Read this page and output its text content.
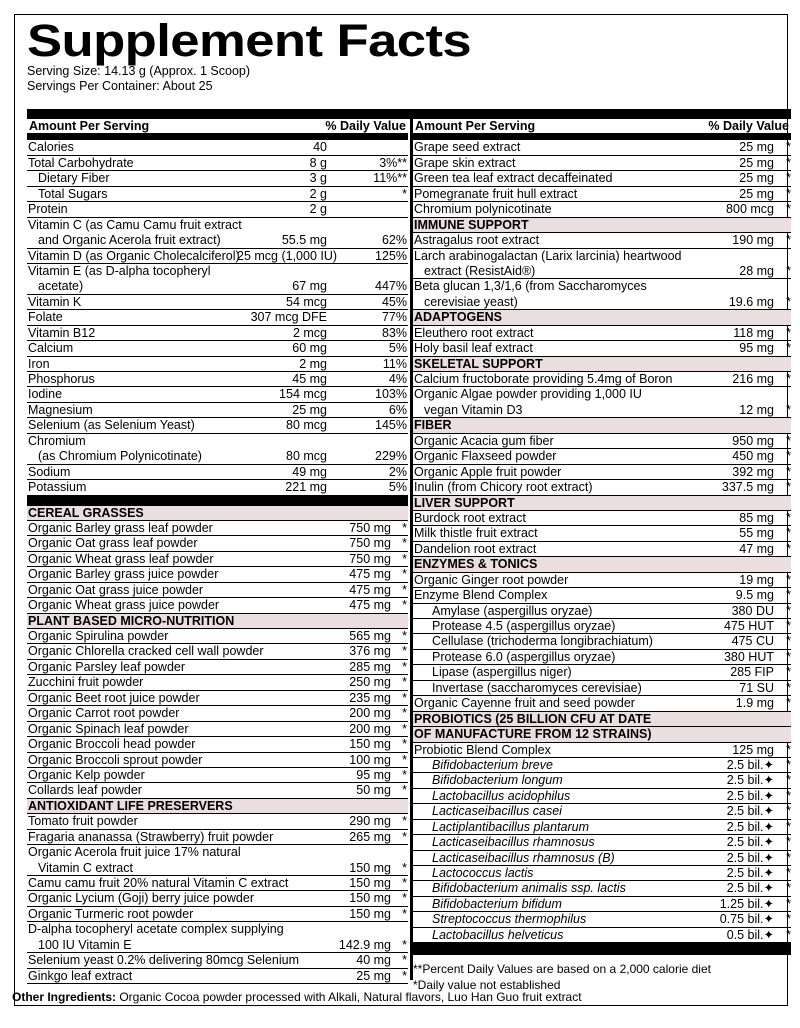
Supplement Facts
Serving Size: 14.13 g (Approx. 1 Scoop)
Servings Per Container: About 25
Amount Per Serving	% Daily Value
Calories	40
Total Carbohydrate	8 g	3%**
Dietary Fiber	3 g	11%**
Total Sugars	2 g	*
Protein	2 g
Vitamin C (as Camu Camu fruit extract
and Organic Acerola fruit extract)	55.5 mg	62%
Vitamin D (as Organic Cholecalciferol)
25 mcg (1,000 IU)	125%
Vitamin E (as D-alpha tocopheryl
acetate)	67 mg	447%
Vitamin K	54 mcg	45%
Folate	307 mcg DFE	77%
Vitamin B12	2 mcg	83%
Calcium	60 mg	5%
Iron	2 mg	11%
Phosphorus	45 mg	4%
Iodine	154 mcg	103%
Magnesium	25 mg	6%
Selenium (as Selenium Yeast)	80 mcg	145%
Chromium
(as Chromium Polynicotinate)	80 mcg	229%
Sodium	49 mg	2%
Potassium	221 mg	5%
CEREAL GRASSES
Organic Barley grass leaf powder	750 mg *
Organic Oat grass leaf powder	750 mg *
Organic Wheat grass leaf powder	750 mg *
Organic Barley grass juice powder	475 mg *
Organic Oat grass juice powder	475 mg *
Organic Wheat grass juice powder	475 mg *
PLANT BASED MICRO-NUTRITION
Organic Spirulina powder	565 mg *
Organic Chlorella cracked cell wall powder	376 mg *
Organic Parsley leaf powder	285 mg *
Zucchini fruit powder	250 mg *
Organic Beet root juice powder	235 mg *
Organic Carrot root powder	200 mg *
Organic Spinach leaf powder	200 mg *
Organic Broccoli head powder	150 mg *
Organic Broccoli sprout powder	100 mg *
Organic Kelp powder	95 mg *
Collards leaf powder	50 mg *
ANTIOXIDANT LIFE PRESERVERS
Tomato fruit powder	290 mg *
Fragaria ananassa (Strawberry) fruit powder	265 mg *
Organic Acerola fruit juice 17% natural
Vitamin C extract	150 mg *
Camu camu fruit 20% natural Vitamin C extract	150 mg *
Organic Lycium (Goji) berry juice powder	150 mg *
Organic Turmeric root powder	150 mg *
D-alpha tocopheryl acetate complex supplying
100 IU Vitamin E	142.9 mg *
Selenium yeast 0.2% delivering 80mcg Selenium	40 mg *
Ginkgo leaf extract	25 mg *
Amount Per Serving	% Daily Value
Grape seed extract	25 mg *
Grape skin extract	25 mg *
Green tea leaf extract decaffeinated	25 mg *
Pomegranate fruit hull extract	25 mg *
Chromium polynicotinate	800 mcg *
IMMUNE SUPPORT
Astragalus root extract	190 mg *
Larch arabinogalactan (Larix larcinia) heartwood
extract (ResistAid®)	28 mg *
Beta glucan 1,3/1,6 (from Saccharomyces
cerevisiae yeast)	19.6 mg *
ADAPTOGENS
Eleuthero root extract	118 mg *
Holy basil leaf extract	95 mg *
SKELETAL SUPPORT
Calcium fructoborate providing 5.4mg of Boron	216 mg *
Organic Algae powder providing 1,000 IU
vegan Vitamin D3	12 mg *
FIBER
Organic Acacia gum fiber	950 mg *
Organic Flaxseed powder	450 mg *
Organic Apple fruit powder	392 mg *
Inulin (from Chicory root extract)	337.5 mg *
LIVER SUPPORT
Burdock root extract	85 mg *
Milk thistle fruit extract	55 mg *
Dandelion root extract	47 mg *
ENZYMES & TONICS
Organic Ginger root powder	19 mg *
Enzyme Blend Complex	9.5 mg *
Amylase (aspergillus oryzae)	380 DU *
Protease 4.5 (aspergillus oryzae)	475 HUT *
Cellulase (trichoderma longibrachiatum)	475 CU *
Protease 6.0 (aspergillus oryzae)	380 HUT *
Lipase (aspergillus niger)	285 FIP *
Invertase (saccharomyces cerevisiae)	71 SU *
Organic Cayenne fruit and seed powder	1.9 mg *
PROBIOTICS (25 BILLION CFU AT DATE
OF MANUFACTURE FROM 12 STRAINS)
Probiotic Blend Complex	125 mg *
Bifidobacterium breve	2.5 bil.✦ *
Bifidobacterium longum	2.5 bil.✦ *
Lactobacillus acidophilus	2.5 bil.✦ *
Lacticaseibacillus casei	2.5 bil.✦ *
Lactiplantibacillus plantarum	2.5 bil.✦ *
Lacticaseibacillus rhamnosus	2.5 bil.✦ *
Lacticaseibacillus rhamnosus (B)	2.5 bil.✦ *
Lactococcus lactis	2.5 bil.✦ *
Bifidobacterium animalis ssp. lactis	2.5 bil.✦ *
Bifidobacterium bifidum	1.25 bil.✦ *
Streptococcus thermophilus	0.75 bil.✦ *
Lactobacillus helveticus	0.5 bil.✦ *
**Percent Daily Values are based on a 2,000 calorie diet
*Daily value not established
Other Ingredients: Organic Cocoa powder processed with Alkali, Natural flavors, Luo Han Guo fruit extract
